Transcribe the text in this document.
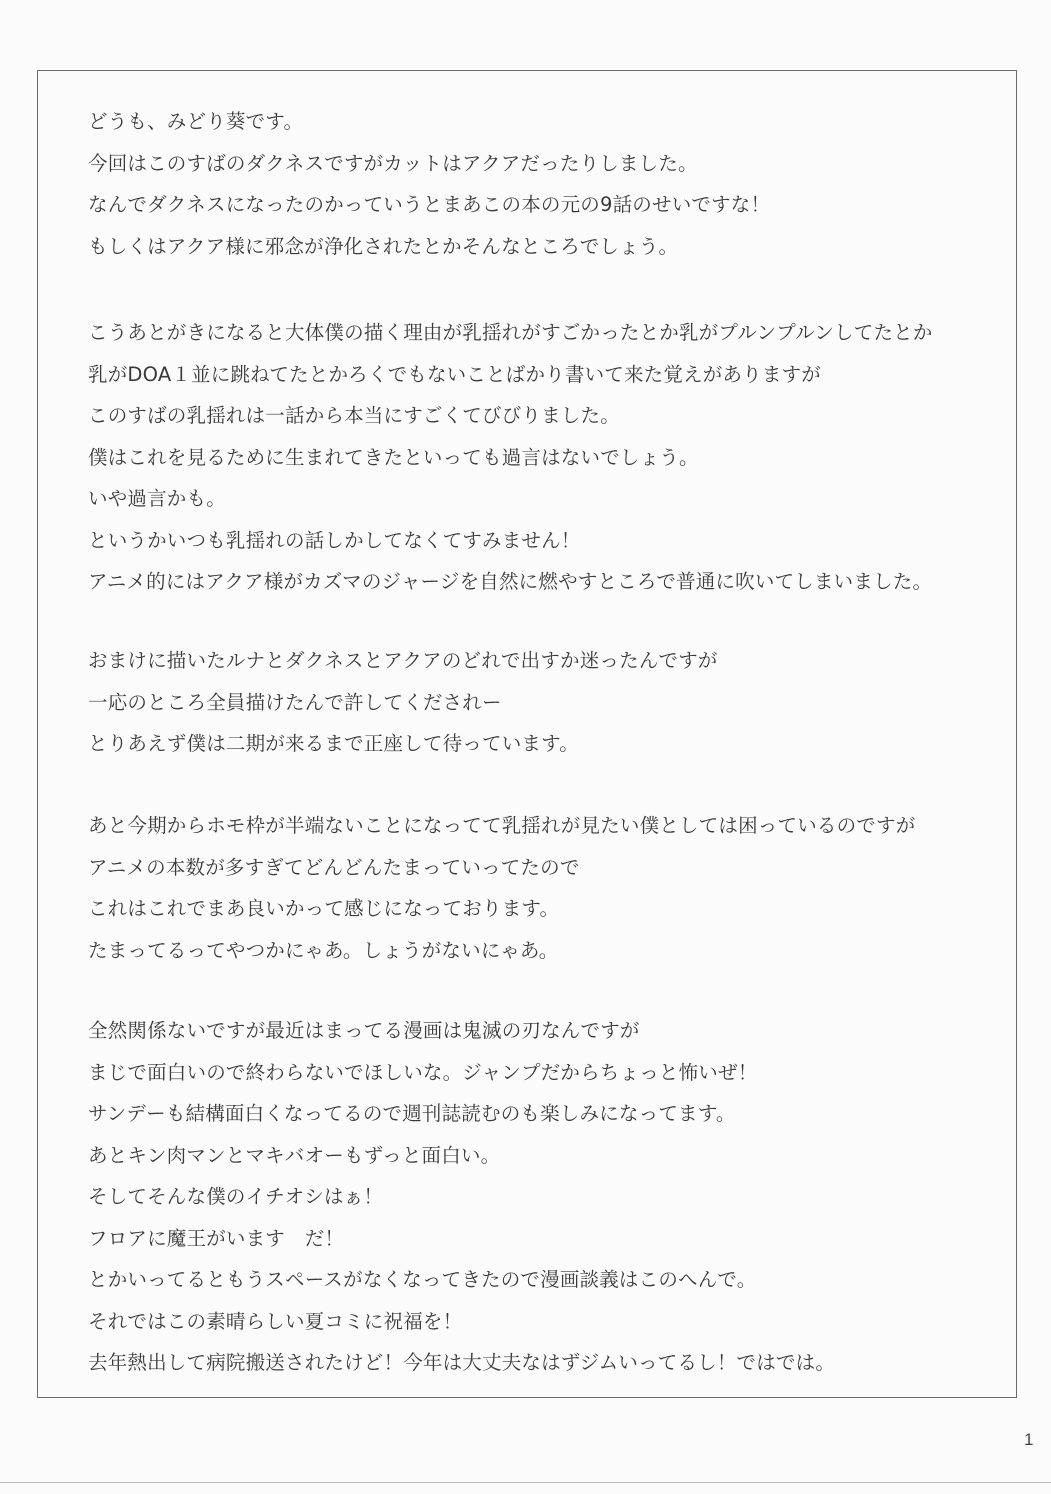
どうも、みどり葵です。
今回はこのすばのダクネスですがカットはアクアだったりしました。
なんでダクネスになったのかっていうとまあこの本の元の9話のせいですな！
もしくはアクア様に邪念が浄化されたとかそんなところでしょう。
こうあとがきになると大体僕の描く理由が乳揺れがすごかったとか乳がプルンプルンしてたとか
乳がDOA１並に跳ねてたとかろくでもないことばかり書いて来た覚えがありますが
このすばの乳揺れは一話から本当にすごくてびびりました。
僕はこれを見るために生まれてきたといっても過言はないでしょう。
いや過言かも。
というかいつも乳揺れの話しかしてなくてすみません！
アニメ的にはアクア様がカズマのジャージを自然に燃やすところで普通に吹いてしまいました。
おまけに描いたルナとダクネスとアクアのどれで出すか迷ったんですが
一応のところ全員描けたんで許してくだされー
とりあえず僕は二期が来るまで正座して待っています。
あと今期からホモ枠が半端ないことになってて乳揺れが見たい僕としては困っているのですが
アニメの本数が多すぎてどんどんたまっていってたので
これはこれでまあ良いかって感じになっております。
たまってるってやつかにゃあ。しょうがないにゃあ。
全然関係ないですが最近はまってる漫画は鬼滅の刃なんですが
まじで面白いので終わらないでほしいな。ジャンプだからちょっと怖いぜ！
サンデーも結構面白くなってるので週刊誌読むのも楽しみになってます。
あとキン肉マンとマキバオーもずっと面白い。
そしてそんな僕のイチオシはぁ！
フロアに魔王がいます　だ！
とかいってるともうスペースがなくなってきたので漫画談義はこのへんで。
それではこの素晴らしい夏コミに祝福を！
去年熱出して病院搬送されたけど！今年は大丈夫なはずジムいってるし！ではでは。
1
